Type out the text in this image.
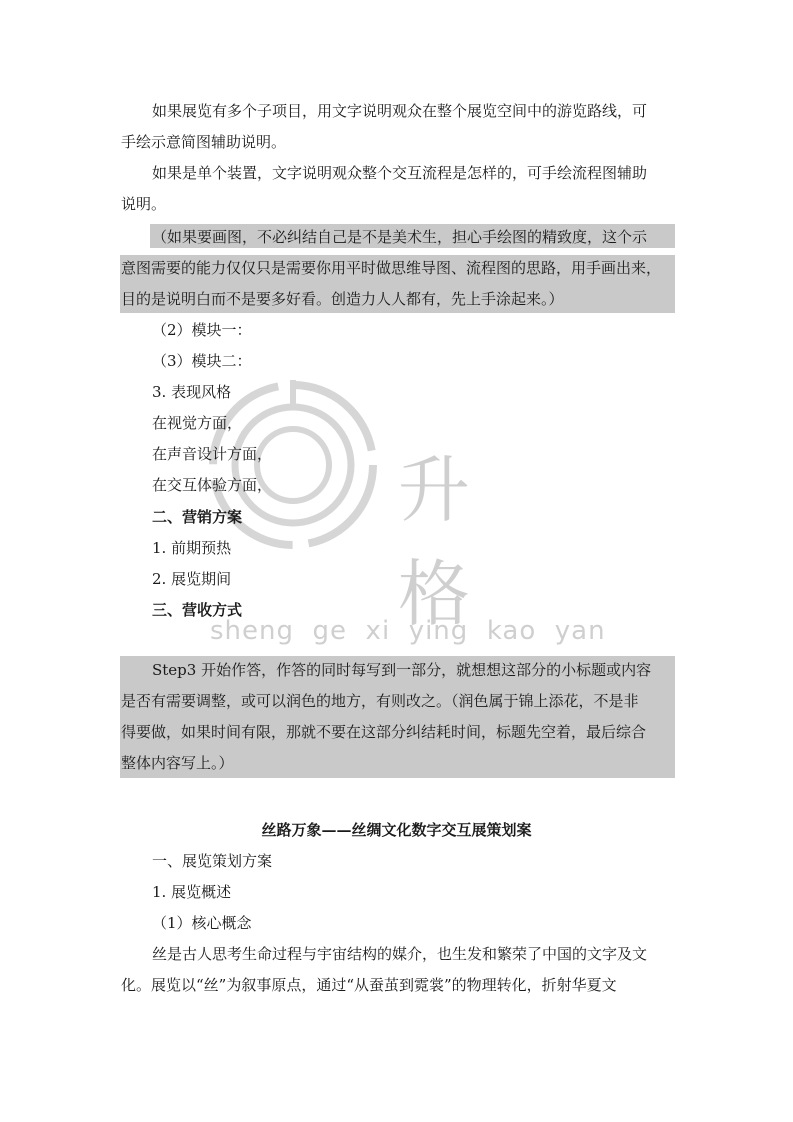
升 格
sheng  ge  xi  ying  kao  yan
如果展览有多个子项目，用文字说明观众在整个展览空间中的游览路线，可
手绘示意简图辅助说明。
如果是单个装置，文字说明观众整个交互流程是怎样的，可手绘流程图辅助
说明。
（如果要画图，不必纠结自己是不是美术生，担心手绘图的精致度，这个示
意图需要的能力仅仅只是需要你用平时做思维导图、流程图的思路，用手画出来，
目的是说明白而不是要多好看。创造力人人都有，先上手涂起来。）
（2）模块一：
（3）模块二：
3. 表现风格
在视觉方面，
在声音设计方面，
在交互体验方面，
二、营销方案
1. 前期预热
2. 展览期间
三、营收方式
Step3 开始作答，作答的同时每写到一部分，就想想这部分的小标题或内容
是否有需要调整，或可以润色的地方，有则改之。（润色属于锦上添花，不是非
得要做，如果时间有限，那就不要在这部分纠结耗时间，标题先空着，最后综合
整体内容写上。）
丝路万象——丝绸文化数字交互展策划案
一、展览策划方案
1. 展览概述
（1）核心概念
丝是古人思考生命过程与宇宙结构的媒介，也生发和繁荣了中国的文字及文
化。展览以“丝”为叙事原点，通过“从蚕茧到霓裳”的物理转化，折射华夏文
